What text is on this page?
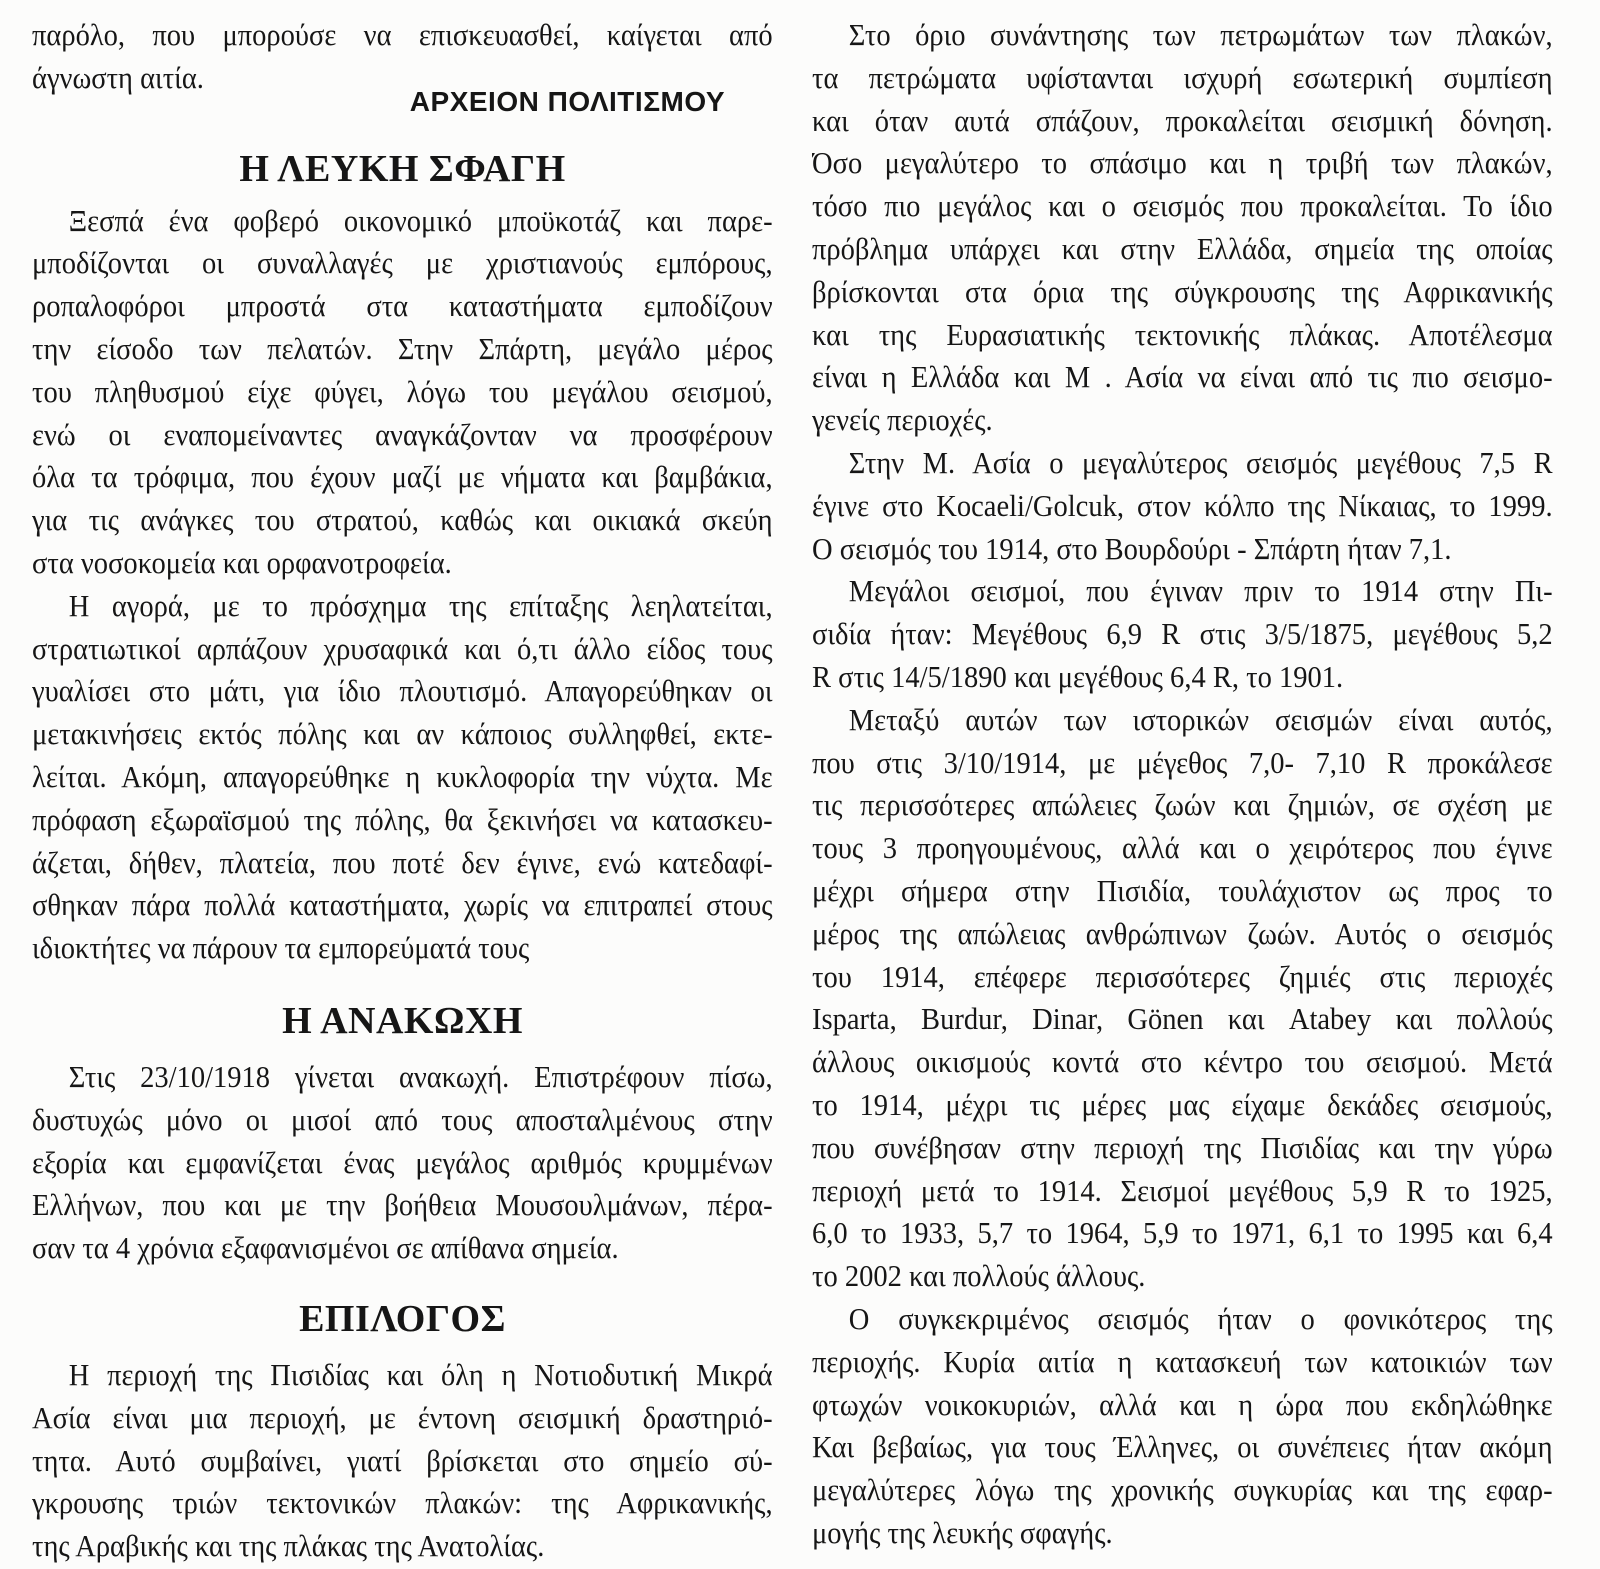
παρόλο, που μπορούσε να επισκευασθεί, καίγεται από
άγνωστη αιτία.
ΑΡΧΕΙΟΝ ΠΟΛΙΤΙΣΜΟΥ
Η ΛΕΥΚΗ ΣΦΑΓΗ
Ξεσπά ένα φοβερό οικονομικό μποϋκοτάζ και παρε-
μποδίζονται οι συναλλαγές με χριστιανούς εμπόρους,
ροπαλοφόροι μπροστά στα καταστήματα εμποδίζουν
την είσοδο των πελατών. Στην Σπάρτη, μεγάλο μέρος
του πληθυσμού είχε φύγει, λόγω του μεγάλου σεισμού,
ενώ οι εναπομείναντες αναγκάζονταν να προσφέρουν
όλα τα τρόφιμα, που έχουν μαζί με νήματα και βαμβάκια,
για τις ανάγκες του στρατού, καθώς και οικιακά σκεύη
στα νοσοκομεία και ορφανοτροφεία.
Η αγορά, με το πρόσχημα της επίταξης λεηλατείται,
στρατιωτικοί αρπάζουν χρυσαφικά και ό,τι άλλο είδος τους
γυαλίσει στο μάτι, για ίδιο πλουτισμό. Απαγορεύθηκαν οι
μετακινήσεις εκτός πόλης και αν κάποιος συλληφθεί, εκτε-
λείται. Ακόμη, απαγορεύθηκε η κυκλοφορία την νύχτα. Με
πρόφαση εξωραϊσμού της πόλης, θα ξεκινήσει να κατασκευ-
άζεται, δήθεν, πλατεία, που ποτέ δεν έγινε, ενώ κατεδαφί-
σθηκαν πάρα πολλά καταστήματα, χωρίς να επιτραπεί στους
ιδιοκτήτες να πάρουν τα εμπορεύματά τους
Η ΑΝΑΚΩΧΗ
Στις 23/10/1918 γίνεται ανακωχή. Επιστρέφουν πίσω,
δυστυχώς μόνο οι μισοί από τους αποσταλμένους στην
εξορία και εμφανίζεται ένας μεγάλος αριθμός κρυμμένων
Ελλήνων, που και με την βοήθεια Μουσουλμάνων, πέρα-
σαν τα 4 χρόνια εξαφανισμένοι σε απίθανα σημεία.
ΕΠΙΛΟΓΟΣ
Η περιοχή της Πισιδίας και όλη η Νοτιοδυτική Μικρά
Ασία είναι μια περιοχή, με έντονη σεισμική δραστηριό-
τητα. Αυτό συμβαίνει, γιατί βρίσκεται στο σημείο σύ-
γκρουσης τριών τεκτονικών πλακών: της Αφρικανικής,
της Αραβικής και της πλάκας της Ανατολίας.
Στο όριο συνάντησης των πετρωμάτων των πλακών,
τα πετρώματα υφίστανται ισχυρή εσωτερική συμπίεση
και όταν αυτά σπάζουν, προκαλείται σεισμική δόνηση.
Όσο μεγαλύτερο το σπάσιμο και η τριβή των πλακών,
τόσο πιο μεγάλος και ο σεισμός που προκαλείται. Το ίδιο
πρόβλημα υπάρχει και στην Ελλάδα, σημεία της οποίας
βρίσκονται στα όρια της σύγκρουσης της Αφρικανικής
και της Ευρασιατικής τεκτονικής πλάκας. Αποτέλεσμα
είναι η Ελλάδα και Μ . Ασία να είναι από τις πιο σεισμο-
γενείς περιοχές.
Στην Μ. Ασία ο μεγαλύτερος σεισμός μεγέθους 7,5 R
έγινε στο Kocaeli/Golcuk, στον κόλπο της Νίκαιας, το 1999.
Ο σεισμός του 1914, στο Βουρδούρι - Σπάρτη ήταν 7,1.
Μεγάλοι σεισμοί, που έγιναν πριν το 1914 στην Πι-
σιδία ήταν: Μεγέθους 6,9 R στις 3/5/1875, μεγέθους 5,2
R στις 14/5/1890 και μεγέθους 6,4 R, το 1901.
Μεταξύ αυτών των ιστορικών σεισμών είναι αυτός,
που στις 3/10/1914, με μέγεθος 7,0- 7,10 R προκάλεσε
τις περισσότερες απώλειες ζωών και ζημιών, σε σχέση με
τους 3 προηγουμένους, αλλά και ο χειρότερος που έγινε
μέχρι σήμερα στην Πισιδία, τουλάχιστον ως προς το
μέρος της απώλειας ανθρώπινων ζωών. Αυτός ο σεισμός
του 1914, επέφερε περισσότερες ζημιές στις περιοχές
Isparta, Burdur, Dinar, Gönen και Atabey και πολλούς
άλλους οικισμούς κοντά στο κέντρο του σεισμού. Μετά
το 1914, μέχρι τις μέρες μας είχαμε δεκάδες σεισμούς,
που συνέβησαν στην περιοχή της Πισιδίας και την γύρω
περιοχή μετά το 1914. Σεισμοί μεγέθους 5,9 R το 1925,
6,0 το 1933, 5,7 το 1964, 5,9 το 1971, 6,1 το 1995 και 6,4
το 2002 και πολλούς άλλους.
Ο συγκεκριμένος σεισμός ήταν ο φονικότερος της
περιοχής. Κυρία αιτία η κατασκευή των κατοικιών των
φτωχών νοικοκυριών, αλλά και η ώρα που εκδηλώθηκε
Και βεβαίως, για τους Έλληνες, οι συνέπειες ήταν ακόμη
μεγαλύτερες λόγω της χρονικής συγκυρίας και της εφαρ-
μογής της λευκής σφαγής.
